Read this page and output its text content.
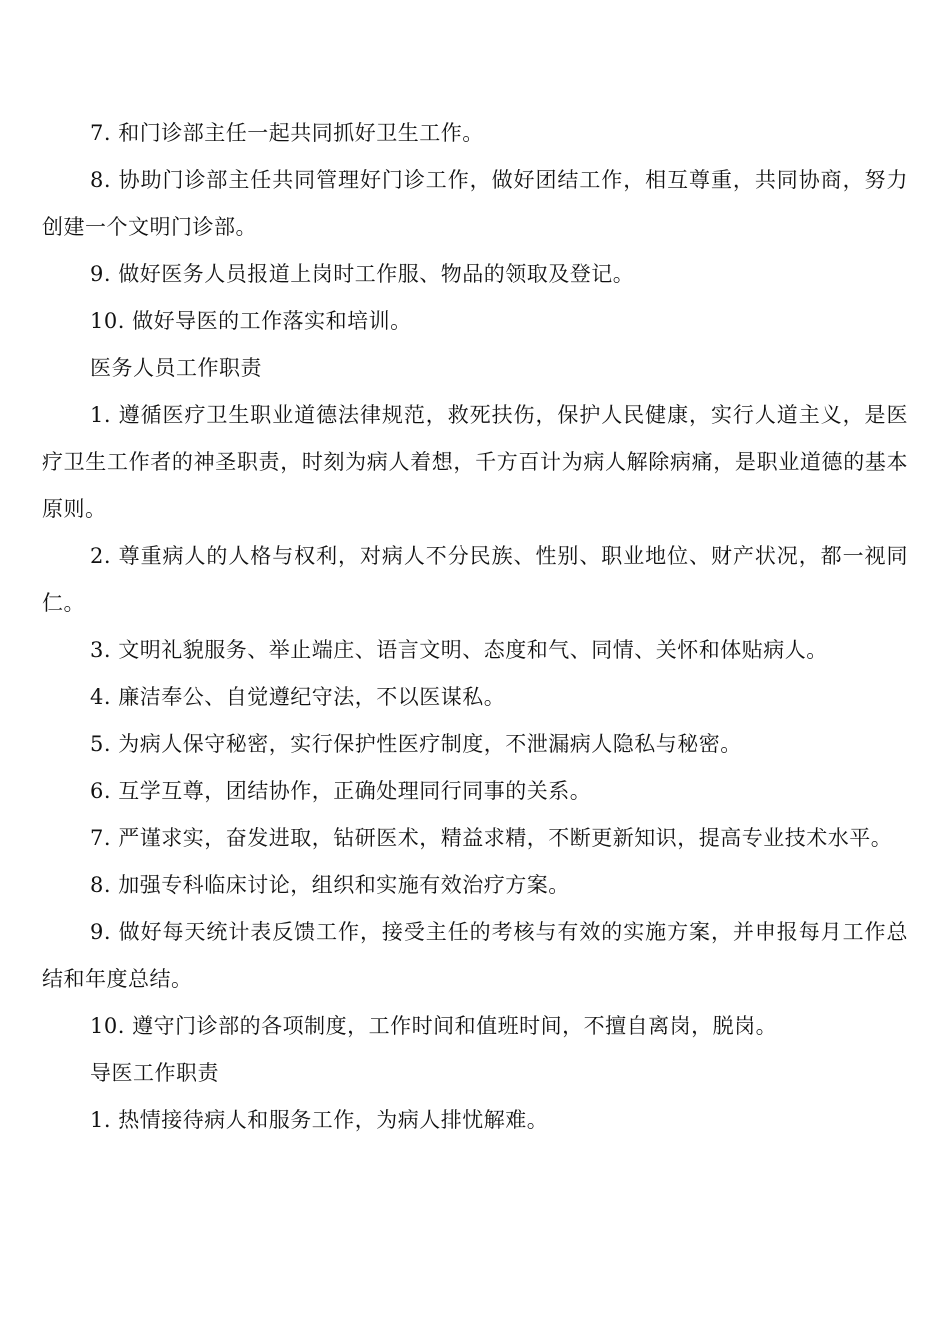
7. 和门诊部主任一起共同抓好卫生工作。

8. 协助门诊部主任共同管理好门诊工作，做好团结工作，相互尊重，共同协商，努力创建一个文明门诊部。

9. 做好医务人员报道上岗时工作服、物品的领取及登记。

10. 做好导医的工作落实和培训。

医务人员工作职责

1. 遵循医疗卫生职业道德法律规范，救死扶伤，保护人民健康，实行人道主义，是医疗卫生工作者的神圣职责，时刻为病人着想，千方百计为病人解除病痛，是职业道德的基本原则。

2. 尊重病人的人格与权利，对病人不分民族、性别、职业地位、财产状况，都一视同仁。

3. 文明礼貌服务、举止端庄、语言文明、态度和气、同情、关怀和体贴病人。

4. 廉洁奉公、自觉遵纪守法，不以医谋私。

5. 为病人保守秘密，实行保护性医疗制度，不泄漏病人隐私与秘密。

6. 互学互尊，团结协作，正确处理同行同事的关系。

7. 严谨求实，奋发进取，钻研医术，精益求精，不断更新知识，提高专业技术水平。

8. 加强专科临床讨论，组织和实施有效治疗方案。

9. 做好每天统计表反馈工作，接受主任的考核与有效的实施方案，并申报每月工作总结和年度总结。

10. 遵守门诊部的各项制度，工作时间和值班时间，不擅自离岗，脱岗。

导医工作职责

1. 热情接待病人和服务工作，为病人排忧解难。
